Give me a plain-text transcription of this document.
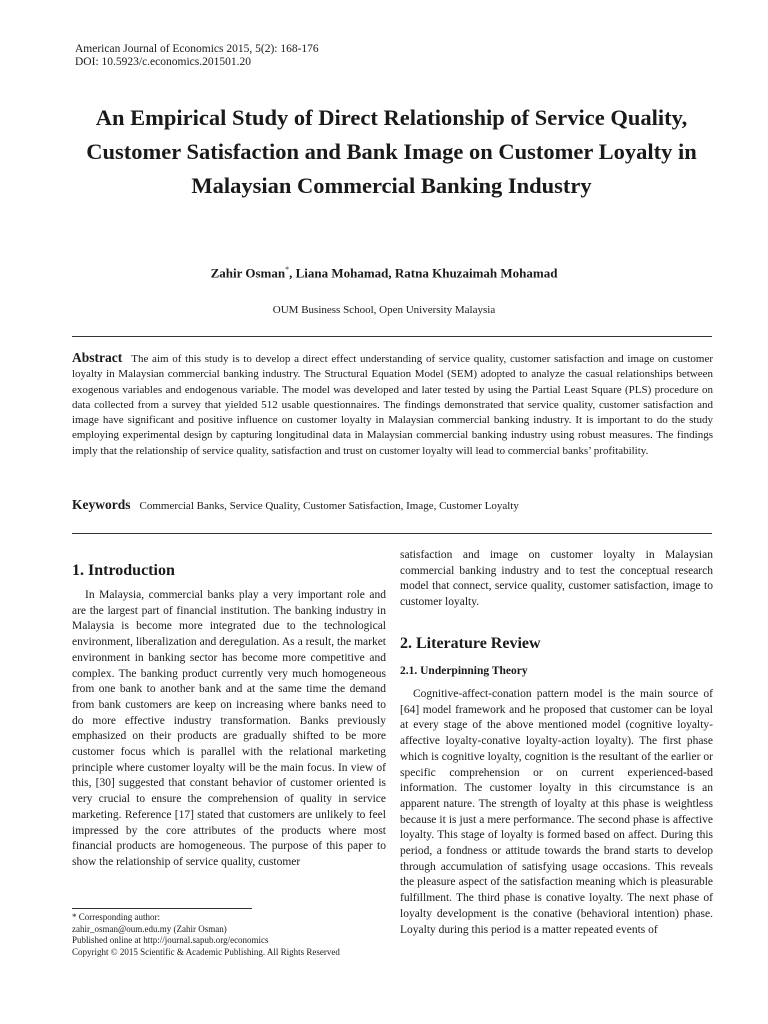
American Journal of Economics 2015, 5(2): 168-176
DOI: 10.5923/c.economics.201501.20
An Empirical Study of Direct Relationship of Service Quality, Customer Satisfaction and Bank Image on Customer Loyalty in Malaysian Commercial Banking Industry
Zahir Osman*, Liana Mohamad, Ratna Khuzaimah Mohamad
OUM Business School, Open University Malaysia

Abstract The aim of this study is to develop a direct effect understanding of service quality, customer satisfaction and image on customer loyalty in Malaysian commercial banking industry. The Structural Equation Model (SEM) adopted to analyze the casual relationships between exogenous variables and endogenous variable. The model was developed and later tested by using the Partial Least Square (PLS) procedure on data collected from a survey that yielded 512 usable questionnaires. The findings demonstrated that service quality, customer satisfaction and image have significant and positive influence on customer loyalty in Malaysian commercial banking industry. It is important to do the study employing experimental design by capturing longitudinal data in Malaysian commercial banking industry using robust measures. The findings imply that the relationship of service quality, satisfaction and trust on customer loyalty will lead to commercial banks’ profitability.

Keywords Commercial Banks, Service Quality, Customer Satisfaction, Image, Customer Loyalty
1. Introduction

In Malaysia, commercial banks play a very important role and are the largest part of financial institution. The banking industry in Malaysia is become more integrated due to the technological environment, liberalization and deregulation. As a result, the market environment in banking sector has become more competitive and complex. The banking product currently very much homogeneous from one bank to another bank and at the same time the demand from bank customers are keep on increasing where banks need to do more effective industry transformation. Banks previously emphasized on their products are gradually shifted to be more customer focus which is parallel with the relational marketing principle where customer loyalty will be the main focus. In view of this, [30] suggested that constant behavior of customer oriented is very crucial to ensure the comprehension of quality in service marketing. Reference [17] stated that customers are unlikely to feel impressed by the core attributes of the products where most financial products are homogeneous. The purpose of this paper to show the relationship of service quality, customer

* Corresponding author:
zahir_osman@oum.edu.my (Zahir Osman)
Published online at http://journal.sapub.org/economics
Copyright © 2015 Scientific & Academic Publishing. All Rights Reserved

satisfaction and image on customer loyalty in Malaysian commercial banking industry and to test the conceptual research model that connect, service quality, customer satisfaction, image to customer loyalty.

2. Literature Review
2.1. Underpinning Theory

Cognitive-affect-conation pattern model is the main source of [64] model framework and he proposed that customer can be loyal at every stage of the above mentioned model (cognitive loyalty-affective loyalty-conative loyalty-action loyalty). The first phase which is cognitive loyalty, cognition is the resultant of the earlier or specific comprehension or on current experienced-based information. The customer loyalty in this circumstance is an apparent nature. The strength of loyalty at this phase is weightless because it is just a mere performance. The second phase is affective loyalty. This stage of loyalty is formed based on affect. During this period, a fondness or attitude towards the brand starts to develop through accumulation of satisfying usage occasions. This reveals the pleasure aspect of the satisfaction meaning which is pleasurable fulfillment. The third phase is conative loyalty. The next phase of loyalty development is the conative (behavioral intention) phase. Loyalty during this period is a matter repeated events of
